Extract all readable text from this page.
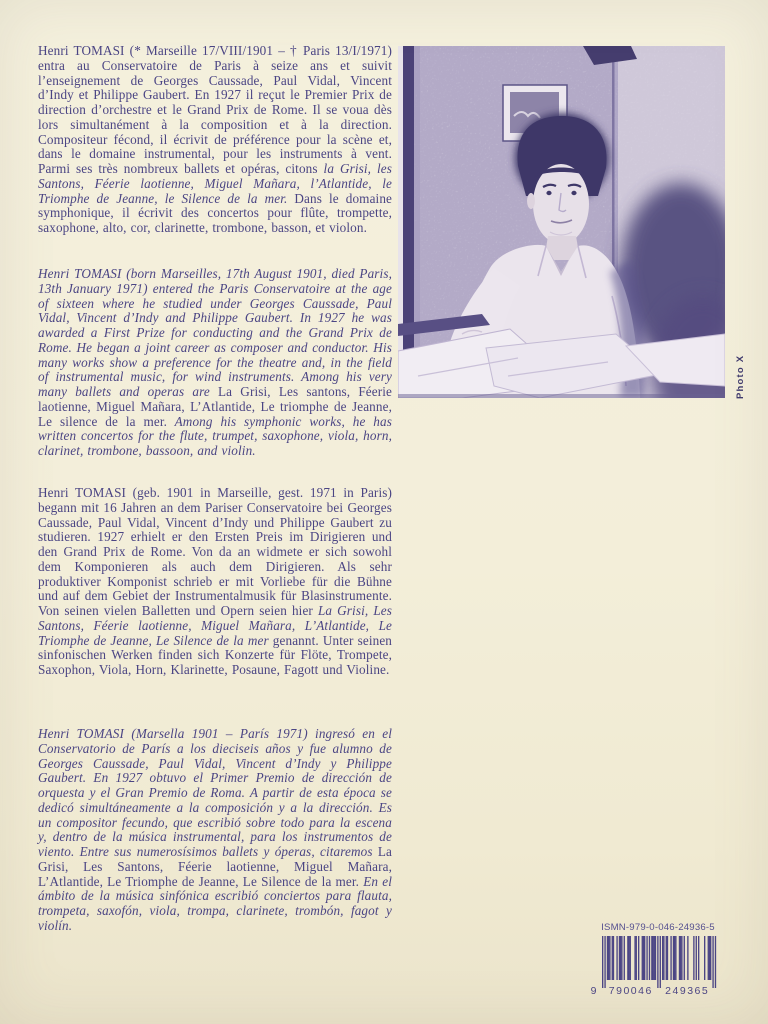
Henri TOMASI (* Marseille 17/VIII/1901 – † Paris 13/I/1971) entra au Conservatoire de Paris à seize ans et suivit l’enseignement de Georges Caussade, Paul Vidal, Vincent d’Indy et Philippe Gaubert. En 1927 il reçut le Premier Prix de direction d’orchestre et le Grand Prix de Rome. Il se voua dès lors simultanément à la composition et à la direction. Compositeur fécond, il écrivit de préférence pour la scène et, dans le domaine instrumental, pour les instruments à vent. Parmi ses très nombreux ballets et opéras, citons la Grisi, les Santons, Féerie laotienne, Miguel Mañara, l’Atlantide, le Triomphe de Jeanne, le Silence de la mer. Dans le domaine symphonique, il écrivit des concertos pour flûte, trompette, saxophone, alto, cor, clarinette, trombone, basson, et violon.
Henri TOMASI (born Marseilles, 17th August 1901, died Paris, 13th January 1971) entered the Paris Conservatoire at the age of sixteen where he studied under Georges Caussade, Paul Vidal, Vincent d’Indy and Philippe Gaubert. In 1927 he was awarded a First Prize for conducting and the Grand Prix de Rome. He began a joint career as composer and conductor. His many works show a preference for the theatre and, in the field of instrumental music, for wind instruments. Among his very many ballets and operas are La Grisi, Les santons, Féerie laotienne, Miguel Mañara, L’Atlantide, Le triomphe de Jeanne, Le silence de la mer. Among his symphonic works, he has written concertos for the flute, trumpet, saxophone, viola, horn, clarinet, trombone, bassoon, and violin.
Henri TOMASI (geb. 1901 in Marseille, gest. 1971 in Paris) begann mit 16 Jahren an dem Pariser Conservatoire bei Georges Caussade, Paul Vidal, Vincent d’Indy und Philippe Gaubert zu studieren. 1927 erhielt er den Ersten Preis im Dirigieren und den Grand Prix de Rome. Von da an widmete er sich sowohl dem Komponieren als auch dem Dirigieren. Als sehr produktiver Komponist schrieb er mit Vorliebe für die Bühne und auf dem Gebiet der Instrumentalmusik für Blasinstrumente. Von seinen vielen Balletten und Opern seien hier La Grisi, Les Santons, Féerie laotienne, Miguel Mañara, L’Atlantide, Le Triomphe de Jeanne, Le Silence de la mer genannt. Unter seinen sinfonischen Werken finden sich Konzerte für Flöte, Trompete, Saxophon, Viola, Horn, Klarinette, Posaune, Fagott und Violine.
Henri TOMASI (Marsella 1901 – París 1971) ingresó en el Conservatorio de París a los dieciseis años y fue alumno de Georges Caussade, Paul Vidal, Vincent d’Indy y Philippe Gaubert. En 1927 obtuvo el Primer Premio de dirección de orquesta y el Gran Premio de Roma. A partir de esta época se dedicó simultáneamente a la composición y a la dirección. Es un compositor fecundo, que escribió sobre todo para la escena y, dentro de la música instrumental, para los instrumentos de viento. Entre sus numerosísimos ballets y óperas, citaremos La Grisi, Les Santons, Féerie laotienne, Miguel Mañara, L’Atlantide, Le Triomphe de Jeanne, Le Silence de la mer. En el ámbito de la música sinfónica escribió conciertos para flauta, trompeta, saxofón, viola, trompa, clarinete, trombón, fagot y violín.
Photo X
ISMN-979-0-046-24936-5
9 790046 249365
